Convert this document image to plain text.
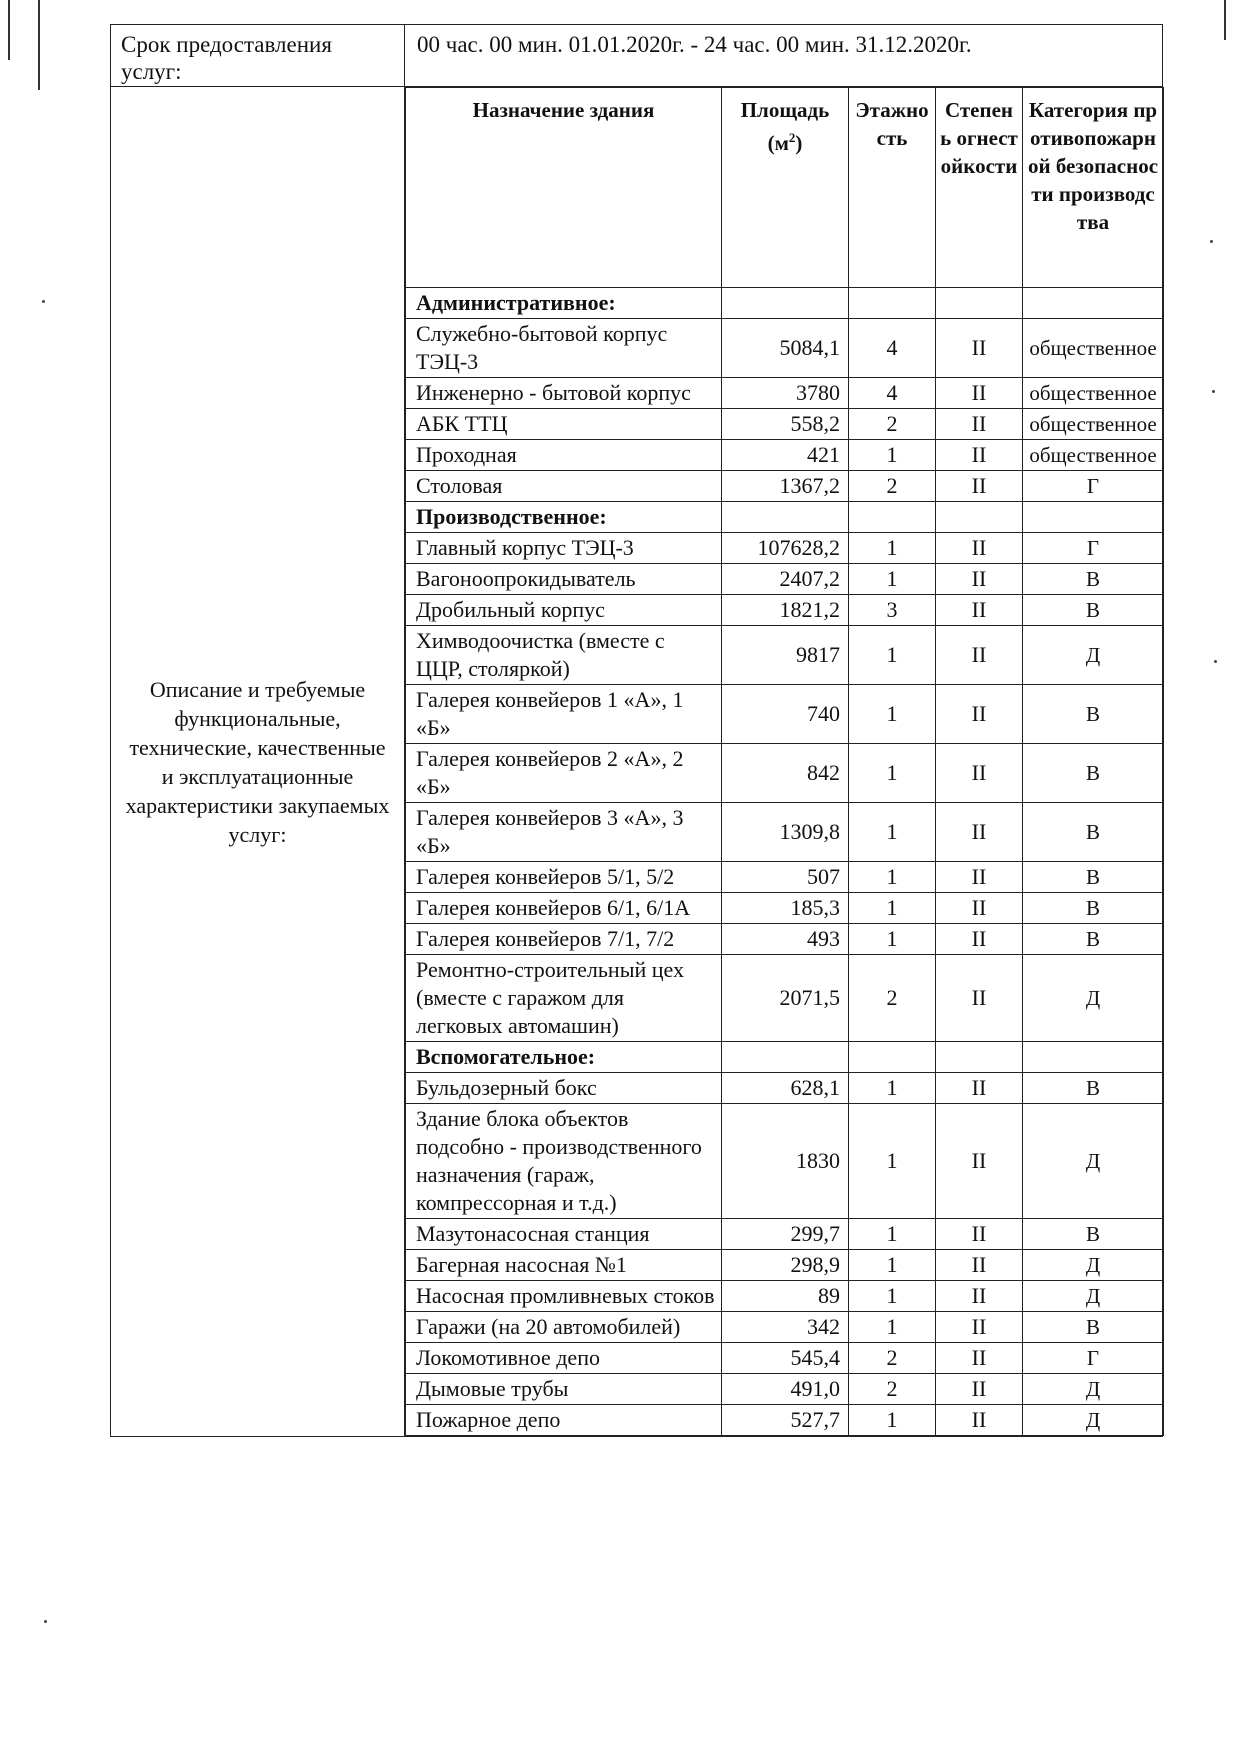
Срок предоставления услуг:	00 час. 00 мин. 01.01.2020г. - 24 час. 00 мин. 31.12.2020г.
Описание и требуемые функциональные, технические, качественные и эксплуатационные характеристики закупаемых услуг:	
Назначение здания	Площадь $(м^2)$	Этажность	Степень огнестойкости	Категория противопожарной безопасности производства
Административное:				
Служебно-бытовой корпус ТЭЦ-3	5084,1	4	II	общественное
Инженерно - бытовой корпус	3780	4	II	общественное
АБК ТТЦ	558,2	2	II	общественное
Проходная	421	1	II	общественное
Столовая	1367,2	2	II	Г
Производственное:				
Главный корпус ТЭЦ-3	107628,2	1	II	Г
Вагоноопрокидыватель	2407,2	1	II	В
Дробильный корпус	1821,2	3	II	В
Химводоочистка (вместе с ЦЦР, столяркой)	9817	1	II	Д
Галерея конвейеров 1 «А», 1 «Б»	740	1	II	В
Галерея конвейеров 2 «А», 2 «Б»	842	1	II	В
Галерея конвейеров 3 «А», 3 «Б»	1309,8	1	II	В
Галерея конвейеров 5/1, 5/2	507	1	II	В
Галерея конвейеров 6/1, 6/1А	185,3	1	II	В
Галерея конвейеров 7/1, 7/2	493	1	II	В
Ремонтно-строительный цех (вместе с гаражом для легковых автомашин)	2071,5	2	II	Д
Вспомогательное:				
Бульдозерный бокс	628,1	1	II	В
Здание блока объектов подсобно - производственного назначения (гараж, компрессорная и т.д.)	1830	1	II	Д
Мазутонасосная станция	299,7	1	II	В
Багерная насосная №1	298,9	1	II	Д
Насосная промливневых стоков	89	1	II	Д
Гаражи (на 20 автомобилей)	342	1	II	В
Локомотивное депо	545,4	2	II	Г
Дымовые трубы	491,0	2	II	Д
Пожарное депо	527,7	1	II	Д
